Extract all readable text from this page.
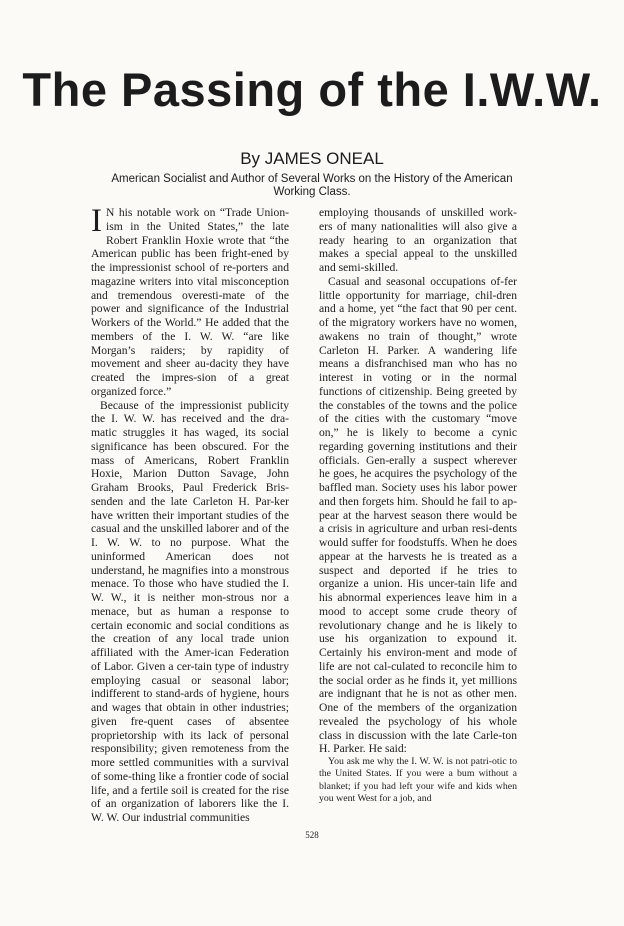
The Passing of the I.W.W.
By JAMES ONEAL
American Socialist and Author of Several Works on the History of the American Working Class.

I N his notable work on “Trade Union-ism in the United States,” the late Robert Franklin Hoxie wrote that “the American public has been fright-ened by the impressionist school of re-porters and magazine writers into vital misconception and tremendous overesti-mate of the power and significance of the Industrial Workers of the World.” He added that the members of the I. W. W. “are like Morgan’s raiders; by rapidity of movement and sheer au-dacity they have created the impres-sion of a great organized force.”

Because of the impressionist publicity the I. W. W. has received and the dra-matic struggles it has waged, its social significance has been obscured. For the mass of Americans, Robert Franklin Hoxie, Marion Dutton Savage, John Graham Brooks, Paul Frederick Bris-senden and the late Carleton H. Par-ker have written their important studies of the casual and the unskilled laborer and of the I. W. W. to no purpose. What the uninformed American does not understand, he magnifies into a monstrous menace. To those who have studied the I. W. W., it is neither mon-strous nor a menace, but as human a response to certain economic and social conditions as the creation of any local trade union affiliated with the Amer-ican Federation of Labor. Given a cer-tain type of industry employing casual or seasonal labor; indifferent to stand-ards of hygiene, hours and wages that obtain in other industries; given fre-quent cases of absentee proprietorship with its lack of personal responsibility; given remoteness from the more settled communities with a survival of some-thing like a frontier code of social life, and a fertile soil is created for the rise of an organization of laborers like the I. W. W. Our industrial communities

employing thousands of unskilled work-ers of many nationalities will also give a ready hearing to an organization that makes a special appeal to the unskilled and semi-skilled.

Casual and seasonal occupations of-fer little opportunity for marriage, chil-dren and a home, yet “the fact that 90 per cent. of the migratory workers have no women, awakens no train of thought,” wrote Carleton H. Parker. A wandering life means a disfranchised man who has no interest in voting or in the normal functions of citizenship. Being greeted by the constables of the towns and the police of the cities with the customary “move on,” he is likely to become a cynic regarding governing institutions and their officials. Gen-erally a suspect wherever he goes, he acquires the psychology of the baffled man. Society uses his labor power and then forgets him. Should he fail to ap-pear at the harvest season there would be a crisis in agriculture and urban resi-dents would suffer for foodstuffs. When he does appear at the harvests he is treated as a suspect and deported if he tries to organize a union. His uncer-tain life and his abnormal experiences leave him in a mood to accept some crude theory of revolutionary change and he is likely to use his organization to expound it. Certainly his environ-ment and mode of life are not cal-culated to reconcile him to the social order as he finds it, yet millions are indignant that he is not as other men. One of the members of the organization revealed the psychology of his whole class in discussion with the late Carle-ton H. Parker. He said:

You ask me why the I. W. W. is not patri-otic to the United States. If you were a bum without a blanket; if you had left your wife and kids when you went West for a job, and

528
